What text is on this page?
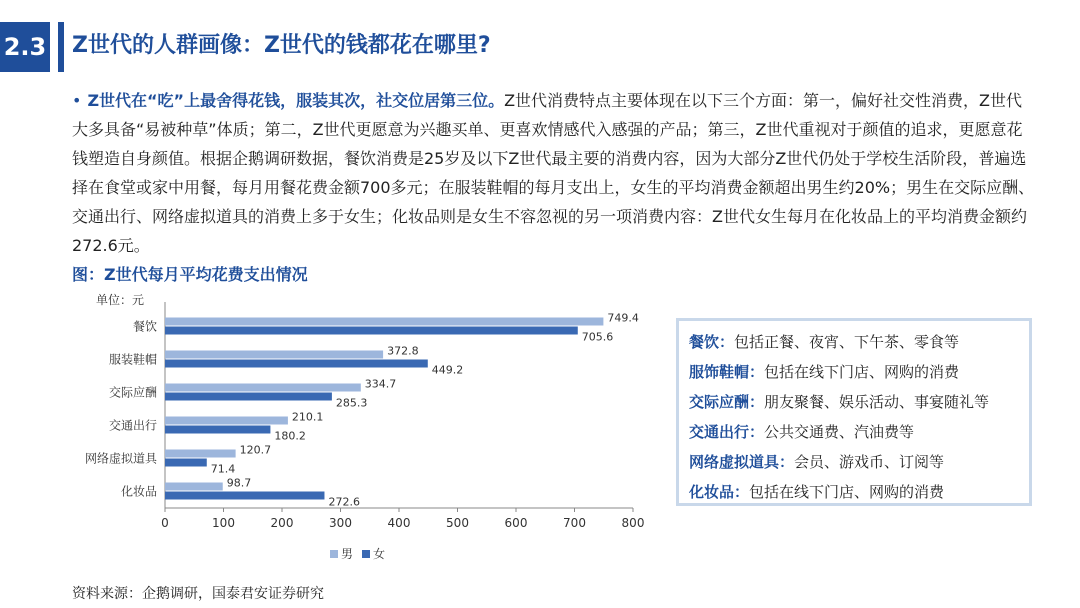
2.3 Z世代的人群画像：Z世代的钱都花在哪里?
• Z世代在“吃”上最舍得花钱，服装其次，社交位居第三位。Z世代消费特点主要体现在以下三个方面：第一，偏好社交性消费，Z世代大多具备“易被种草”体质；第二，Z世代更愿意为兴趣买单、更喜欢情感代入感强的产品；第三，Z世代重视对于颜值的追求，更愿意花钱塑造自身颜值。根据企鹅调研数据，餐饮消费是25岁及以下Z世代最主要的消费内容，因为大部分Z世代仍处于学校生活阶段，普遍选择在食堂或家中用餐，每月用餐花费金额700多元；在服装鞋帽的每月支出上，女生的平均消费金额超出男生约20%；男生在交际应酬、交通出行、网络虚拟道具的消费上多于女生；化妆品则是女生不容忽视的另一项消费内容：Z世代女生每月在化妆品上的平均消费金额约272.6元。
图：Z世代每月平均花费支出情况
单位：元
0	100	200	300	400	500	600	700	800
餐饮
749.4
705.6
服装鞋帽
372.8
449.2
交际应酬
334.7
285.3
交通出行
210.1
180.2
网络虚拟道具
120.7
71.4
化妆品
98.7
272.6
男 女
餐饮：包括正餐、夜宵、下午茶、零食等
服饰鞋帽：包括在线下门店、网购的消费
交际应酬：朋友聚餐、娱乐活动、事宴随礼等
交通出行：公共交通费、汽油费等
网络虚拟道具：会员、游戏币、订阅等
化妆品：包括在线下门店、网购的消费
资料来源：企鹅调研，国泰君安证券研究
